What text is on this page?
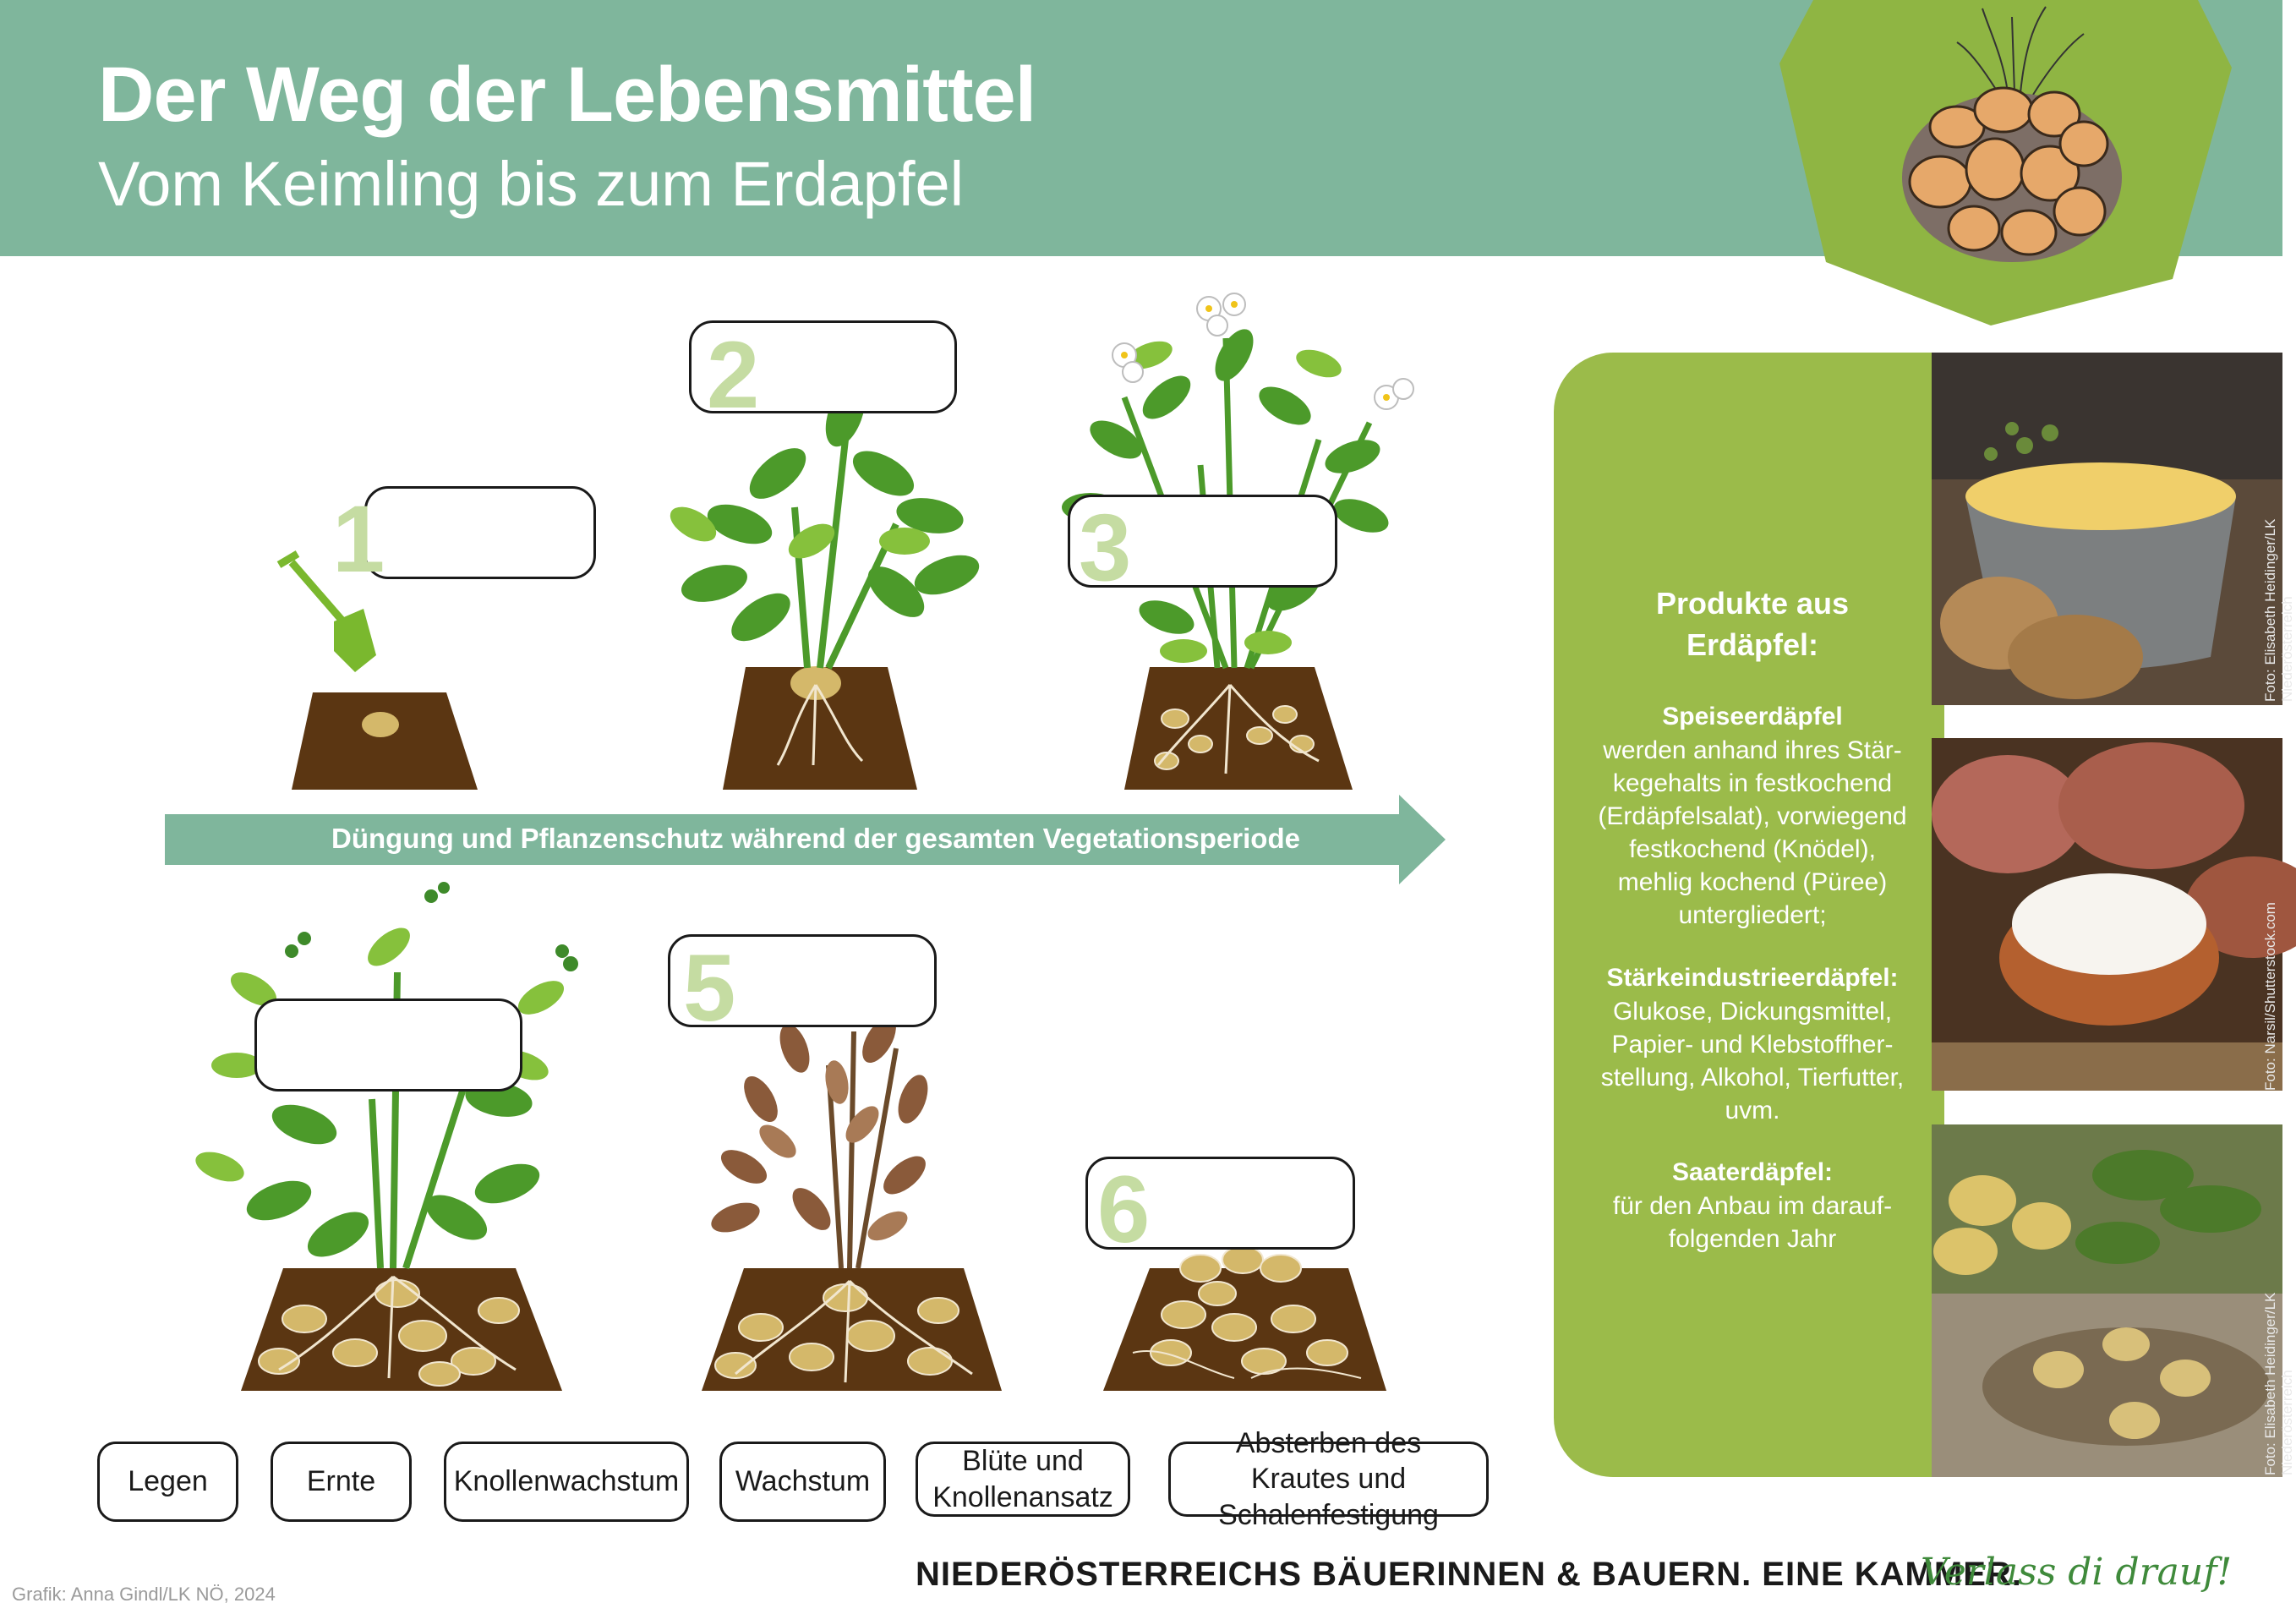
Der Weg der Lebensmittel
Vom Keimling bis zum Erdapfel
1
2
3
5
6
Düngung und Pflanzenschutz während der gesamten Vegetationsperiode
Legen	Ernte	Knollenwachstum	Wachstum
Blüte und Knollenansatz
Absterben des Krautes und Schalenfestigung
Produkte aus Erdäpfel:
Speiseerdäpfel
werden anhand ihres Stär-kegehalts in festkochend (Erdäpfelsalat), vorwiegend festkochend (Knödel), mehlig kochend (Püree) untergliedert;
Stärkeindustrieerdäpfel:
Glukose, Dickungsmittel, Papier- und Klebstoffher-stellung, Alkohol, Tierfutter, uvm.
Saaterdäpfel:
für den Anbau im darauf-folgenden Jahr
Foto: Elisabeth Heidinger/LK Niederösterreich
Foto: Narsil/Shutterstock.com
Foto: Elisabeth Heidinger/LK Niederösterreich
Grafik: Anna Gindl/LK NÖ, 2024
NIEDERÖSTERREICHS BÄUERINNEN & BAUERN. EINE KAMMER.
Verlass di drauf!
